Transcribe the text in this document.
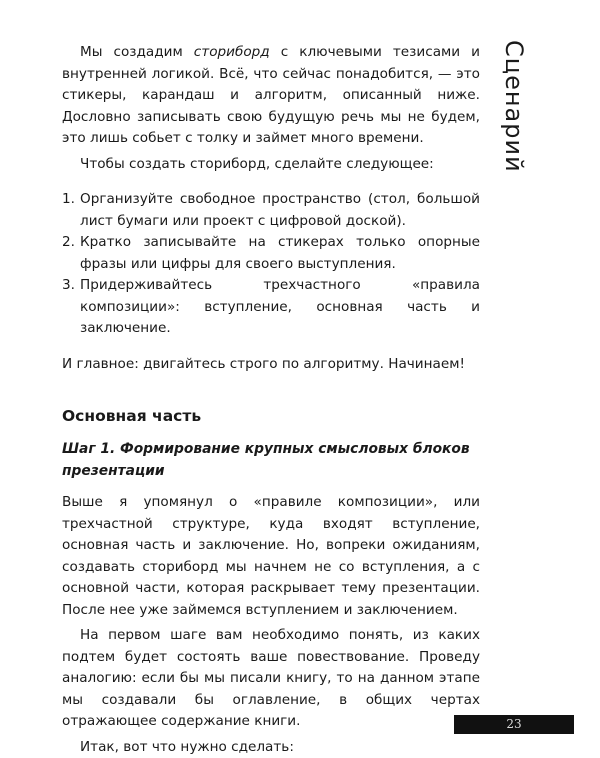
Сценарий

Мы создадим сториборд с ключевыми тезисами и внутренней логикой. Всё, что сейчас понадобится, — это стикеры, карандаш и алгоритм, описанный ниже. Дословно записывать свою будущую речь мы не будем, это лишь собьет с толку и займет много времени.

Чтобы создать сториборд, сделайте следующее:

1. Организуйте свободное пространство (стол, большой лист бумаги или проект с цифровой доской).
2. Кратко записывайте на стикерах только опорные фразы или цифры для своего выступления.
3. Придерживайтесь трехчастного «правила композиции»: вступление, основная часть и заключение.

И главное: двигайтесь строго по алгоритму. Начинаем!

Основная часть
Шаг 1. Формирование крупных смысловых блоков презентации

Выше я упомянул о «правиле композиции», или трехчастной структуре, куда входят вступление, основная часть и заключение. Но, вопреки ожиданиям, создавать сториборд мы начнем не со вступления, а с основной части, которая раскрывает тему презентации. После нее уже займемся вступлением и заключением.

На первом шаге вам необходимо понять, из каких подтем будет состоять ваше повествование. Проведу аналогию: если бы мы писали книгу, то на данном этапе мы создавали бы оглавление, в общих чертах отражающее содержание книги.

Итак, вот что нужно сделать:

23
